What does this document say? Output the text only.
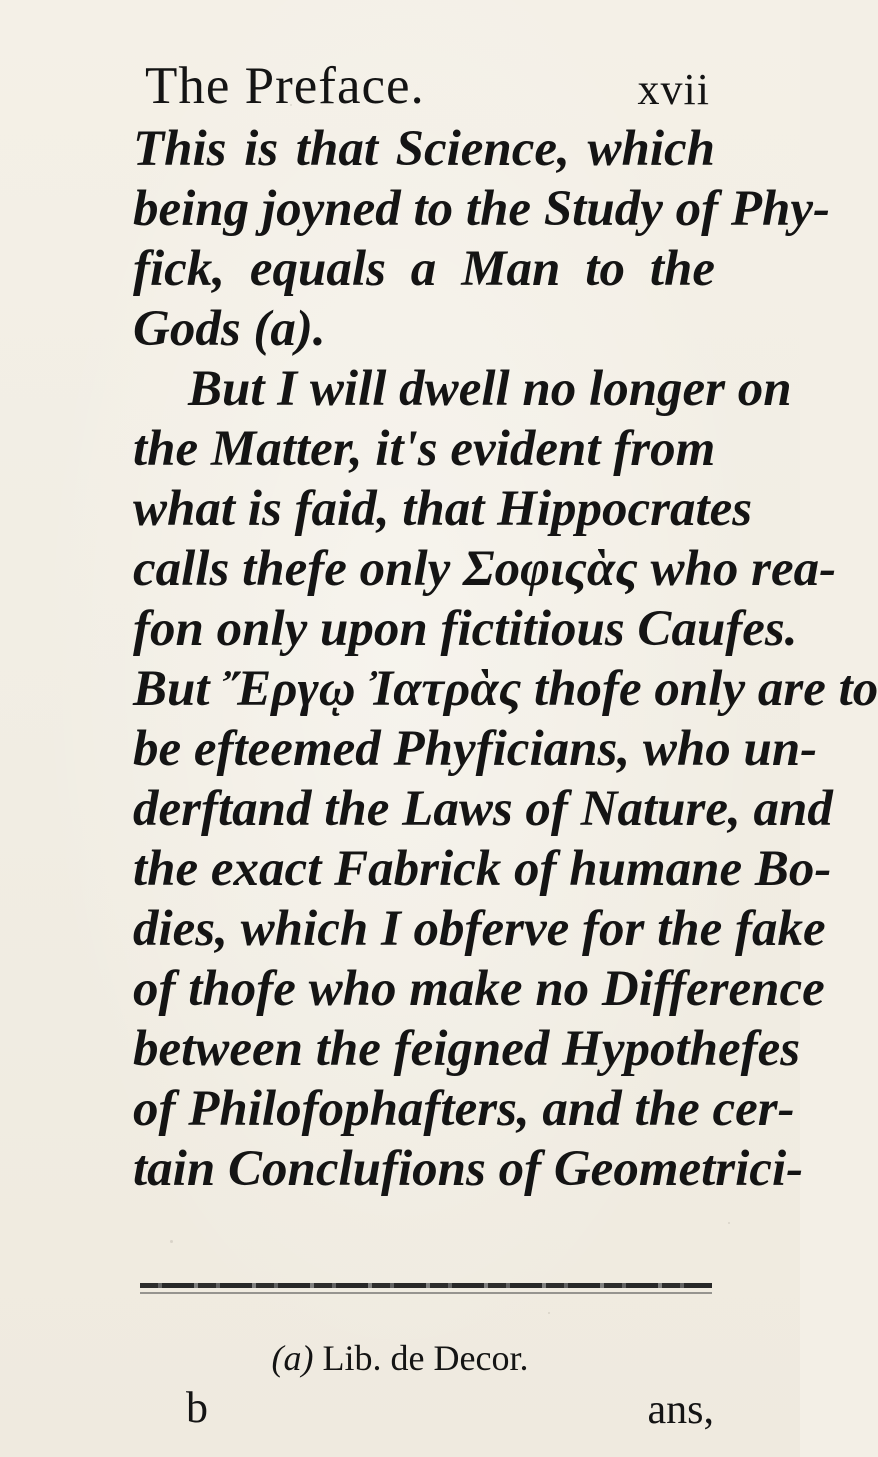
The Preface.	xvii
This is that Science, which
being joyned to the Study of Phy-
fick, equals a Man to the
Gods (a).
But I will dwell no longer on
the Matter, it's evident from
what is faid, that Hippocrates
calls thefe only Σοφιςὰς who rea-
fon only upon fictitious Caufes.
But Ἔργῳ Ἰατρὰς thofe only are to
be efteemed Phyficians, who un-
derftand the Laws of Nature, and
the exact Fabrick of humane Bo-
dies, which I obferve for the fake
of thofe who make no Difference
between the feigned Hypothefes
of Philofophafters, and the cer-
tain Conclufions of Geometrici-
(a) Lib. de Decor.
b	ans,
